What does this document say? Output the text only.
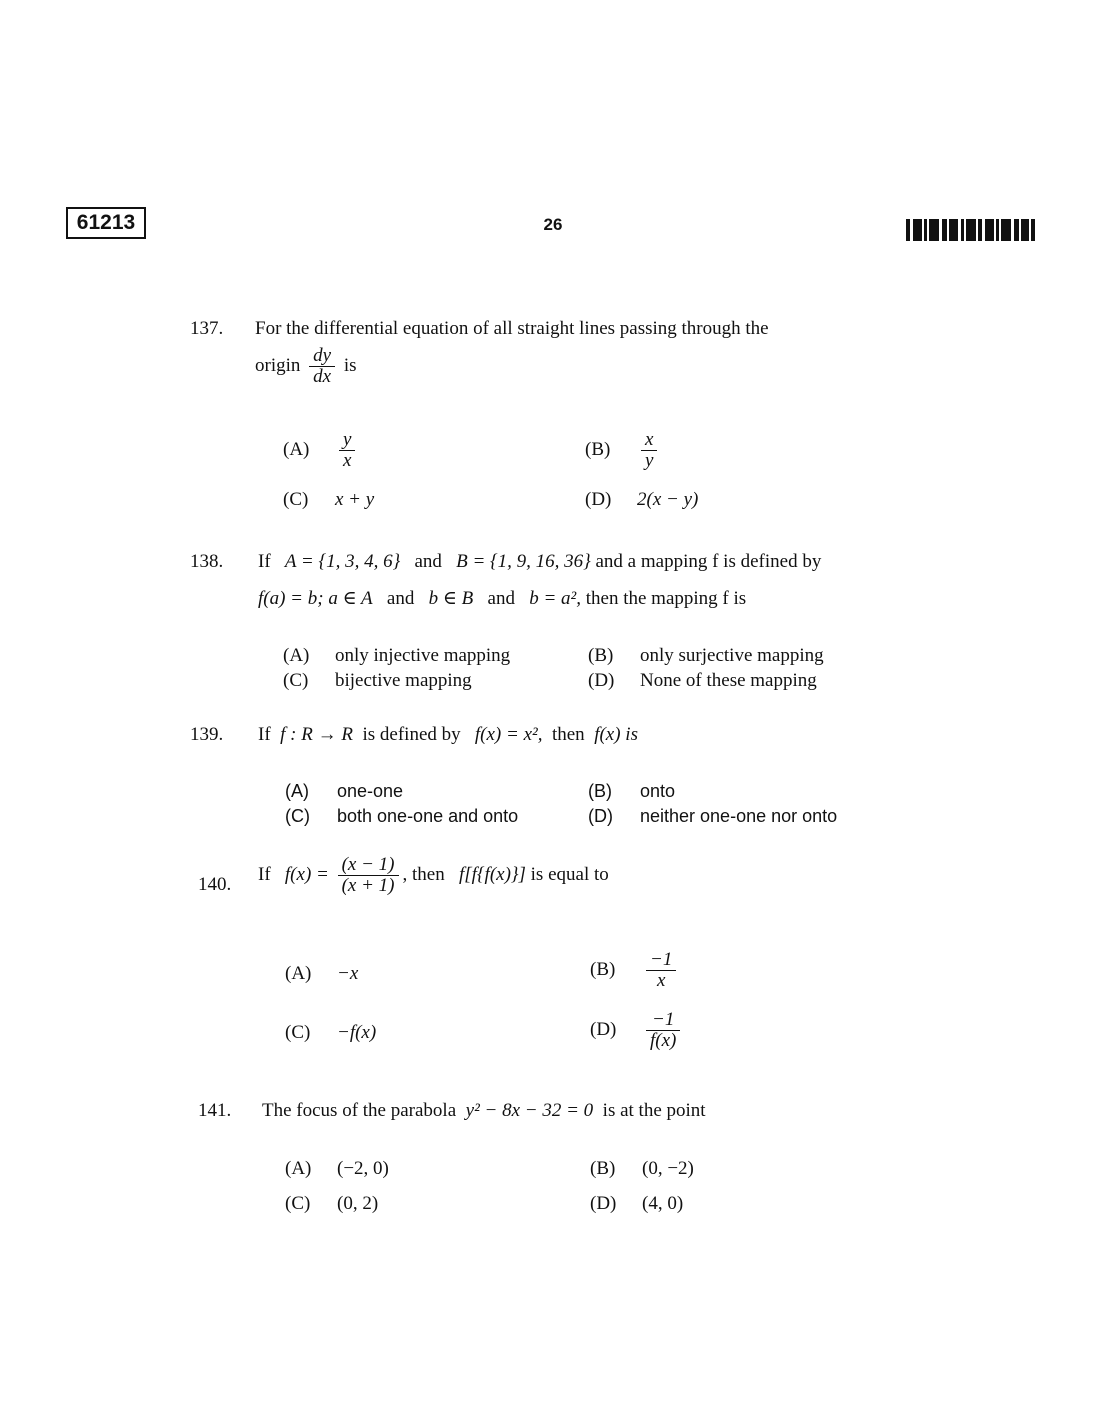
61213	26
137. For the differential equation of all straight lines passing through the
origin $\frac{dy}{dx}$ is
$(A) \frac{y}{x}$	$(B) \frac{x}{y}$
(C) x + y	(D) 2(x − y)
138. If A = {1, 3, 4, 6} and B = {1, 9, 16, 36} and a mapping f is defined by
f(a) = b; a ∈ A and b ∈ B and b = a², then the mapping f is
(A) only injective mapping	(B) only surjective mapping
(C) bijective mapping	(D) None of these mapping
139. If f : R → R is defined by f(x) = x², then f(x) is
(A) one-one	(B) onto
(C) both one-one and onto	(D) neither one-one nor onto
140. If $f(x) = \frac{(x - 1)}{(x + 1)}$ , then f[f{f(x)}] is equal to
(A) −x	$(B) \frac{-1}{x}$
(C) −f(x)	$(D) \frac{-1}{f(x)}$
141. The focus of the parabola y² − 8x − 32 = 0 is at the point
(A) (−2, 0)	(B) (0, −2)
(C) (0, 2)	(D) (4, 0)
